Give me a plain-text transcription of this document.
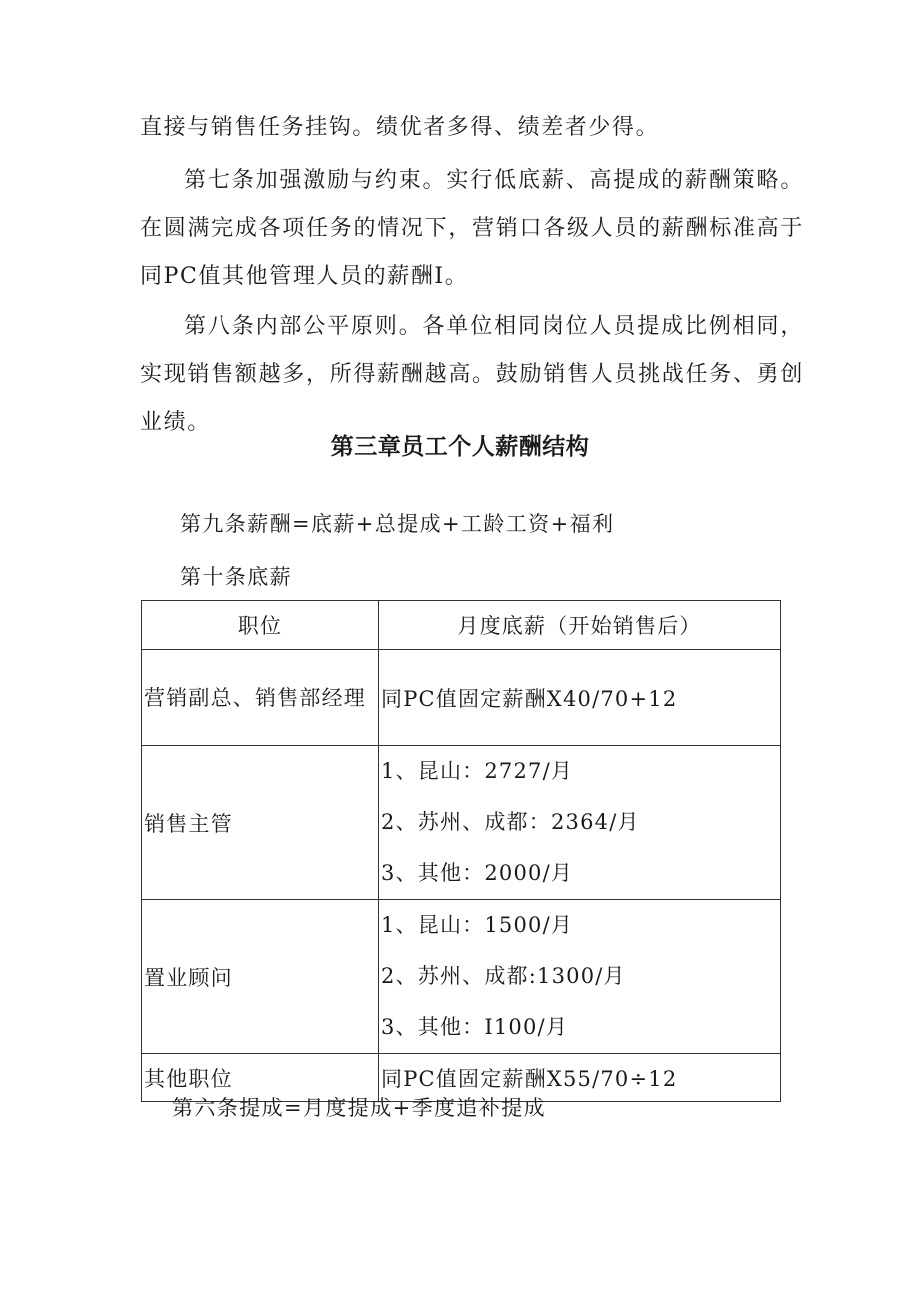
直接与销售任务挂钩。绩优者多得、绩差者少得。

第七条加强激励与约束。实行低底薪、高提成的薪酬策略。在圆满完成各项任务的情况下，营销口各级人员的薪酬标准高于同PC值其他管理人员的薪酬I。

第八条内部公平原则。各单位相同岗位人员提成比例相同，实现销售额越多，所得薪酬越高。鼓励销售人员挑战任务、勇创业绩。

第三章员工个人薪酬结构

第九条薪酬=底薪+总提成+工龄工资+福利

第十条底薪

职位	月度底薪（开始销售后）

营销副总、销售部经理	同PC值固定薪酬X40/70+12
销售主管	1、昆山：2727/月
2、苏州、成都：2364/月
3、其他：2000/月

置业顾问	1、昆山：1500/月
2、苏州、成都:1300/月
3、其他：I100/月

其他职位	同PC值固定薪酬X55/70÷12

第六条提成=月度提成+季度追补提成
